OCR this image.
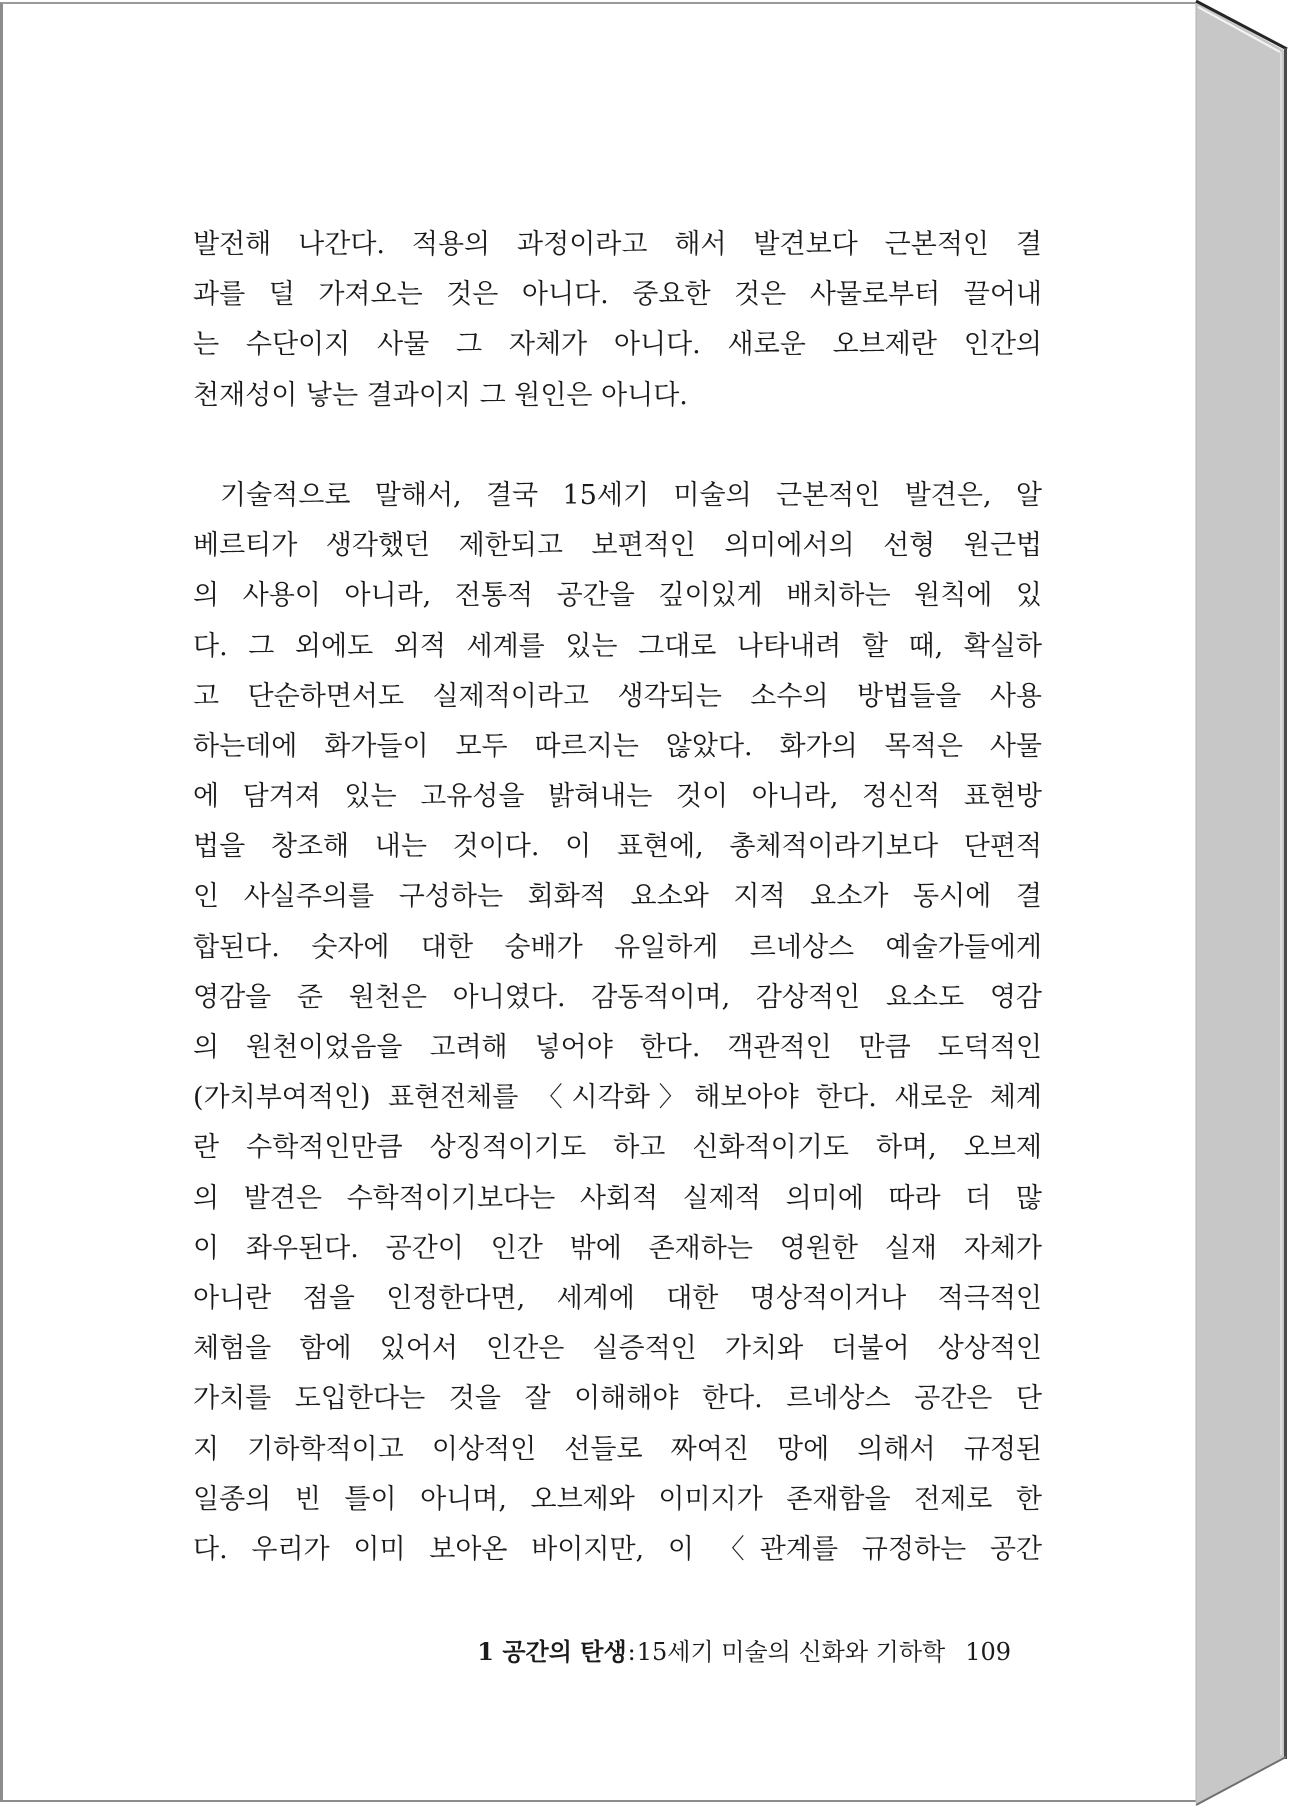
발전해 나간다. 적용의 과정이라고 해서 발견보다 근본적인 결
과를 덜 가져오는 것은 아니다. 중요한 것은 사물로부터 끌어내
는 수단이지 사물 그 자체가 아니다. 새로운 오브제란 인간의
천재성이 낳는 결과이지 그 원인은 아니다.
기술적으로 말해서, 결국 15세기 미술의 근본적인 발견은, 알
베르티가 생각했던 제한되고 보편적인 의미에서의 선형 원근법
의 사용이 아니라, 전통적 공간을 깊이있게 배치하는 원칙에 있
다. 그 외에도 외적 세계를 있는 그대로 나타내려 할 때, 확실하
고 단순하면서도 실제적이라고 생각되는 소수의 방법들을 사용
하는데에 화가들이 모두 따르지는 않았다. 화가의 목적은 사물
에 담겨져 있는 고유성을 밝혀내는 것이 아니라, 정신적 표현방
법을 창조해 내는 것이다. 이 표현에, 총체적이라기보다 단편적
인 사실주의를 구성하는 회화적 요소와 지적 요소가 동시에 결
합된다. 숫자에 대한 숭배가 유일하게 르네상스 예술가들에게
영감을 준 원천은 아니였다. 감동적이며, 감상적인 요소도 영감
의 원천이었음을 고려해 넣어야 한다. 객관적인 만큼 도덕적인
(가치부여적인) 표현전체를 〈시각화〉해보아야 한다. 새로운 체계
란 수학적인만큼 상징적이기도 하고 신화적이기도 하며, 오브제
의 발견은 수학적이기보다는 사회적 실제적 의미에 따라 더 많
이 좌우된다. 공간이 인간 밖에 존재하는 영원한 실재 자체가
아니란 점을 인정한다면, 세계에 대한 명상적이거나 적극적인
체험을 함에 있어서 인간은 실증적인 가치와 더불어 상상적인
가치를 도입한다는 것을 잘 이해해야 한다. 르네상스 공간은 단
지 기하학적이고 이상적인 선들로 짜여진 망에 의해서 규정된
일종의 빈 틀이 아니며, 오브제와 이미지가 존재함을 전제로 한
다. 우리가 이미 보아온 바이지만, 이 〈관계를 규정하는 공간
1 공간의 탄생:15세기 미술의 신화와 기하학 109
